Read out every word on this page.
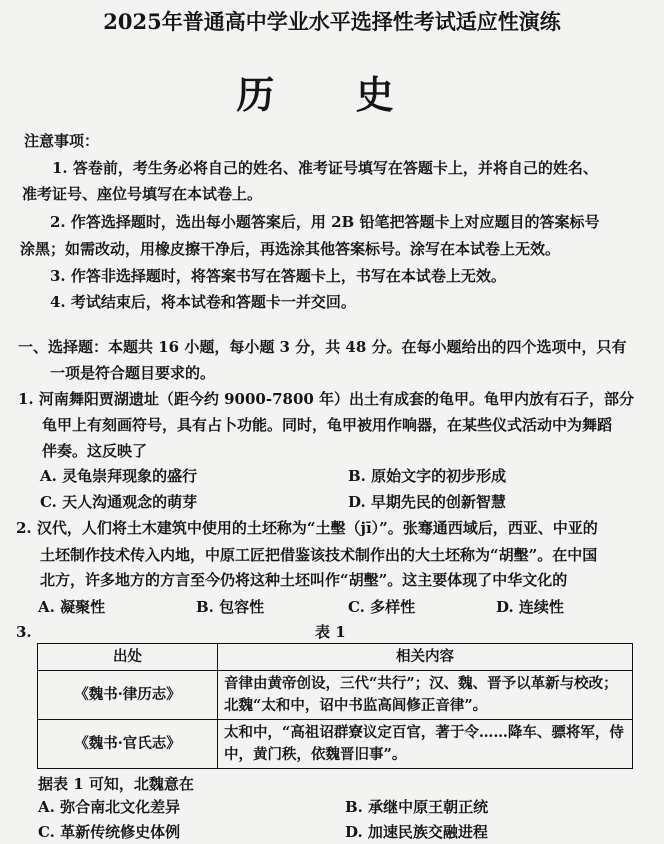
2025年普通高中学业水平选择性考试适应性演练
历 史
注意事项：
1. 答卷前，考生务必将自己的姓名、准考证号填写在答题卡上，并将自己的姓名、
准考证号、座位号填写在本试卷上。
2. 作答选择题时，选出每小题答案后，用 2B 铅笔把答题卡上对应题目的答案标号
涂黑；如需改动，用橡皮擦干净后，再选涂其他答案标号。涂写在本试卷上无效。
3. 作答非选择题时，将答案书写在答题卡上，书写在本试卷上无效。
4. 考试结束后，将本试卷和答题卡一并交回。
一、选择题：本题共 16 小题，每小题 3 分，共 48 分。在每小题给出的四个选项中，只有
一项是符合题目要求的。
1. 河南舞阳贾湖遗址（距今约 9000-7800 年）出土有成套的龟甲。龟甲内放有石子，部分
龟甲上有刻画符号，具有占卜功能。同时，龟甲被用作响器，在某些仪式活动中为舞蹈
伴奏。这反映了
A. 灵龟崇拜现象的盛行	B. 原始文字的初步形成
C. 天人沟通观念的萌芽	D. 早期先民的创新智慧
2. 汉代，人们将土木建筑中使用的土坯称为“土墼（jī）”。张骞通西域后，西亚、中亚的
土坯制作技术传入内地，中原工匠把借鉴该技术制作出的大土坯称为“胡墼”。在中国
北方，许多地方的方言至今仍将这种土坯叫作“胡墼”。这主要体现了中华文化的
A. 凝聚性	B. 包容性	C. 多样性	D. 连续性
3.	表 1
出处	相关内容
《魏书·律历志》	音律由黄帝创设，三代“共行”；汉、魏、晋予以革新与校改；北魏“太和中，诏中书监高闾修正音律”。
《魏书·官氏志》	太和中，“高祖诏群寮议定百官，著于令……降车、骠将军，侍中，黄门秩，依魏晋旧事”。
据表 1 可知，北魏意在
A. 弥合南北文化差异	B. 承继中原王朝正统
C. 革新传统修史体例	D. 加速民族交融进程
